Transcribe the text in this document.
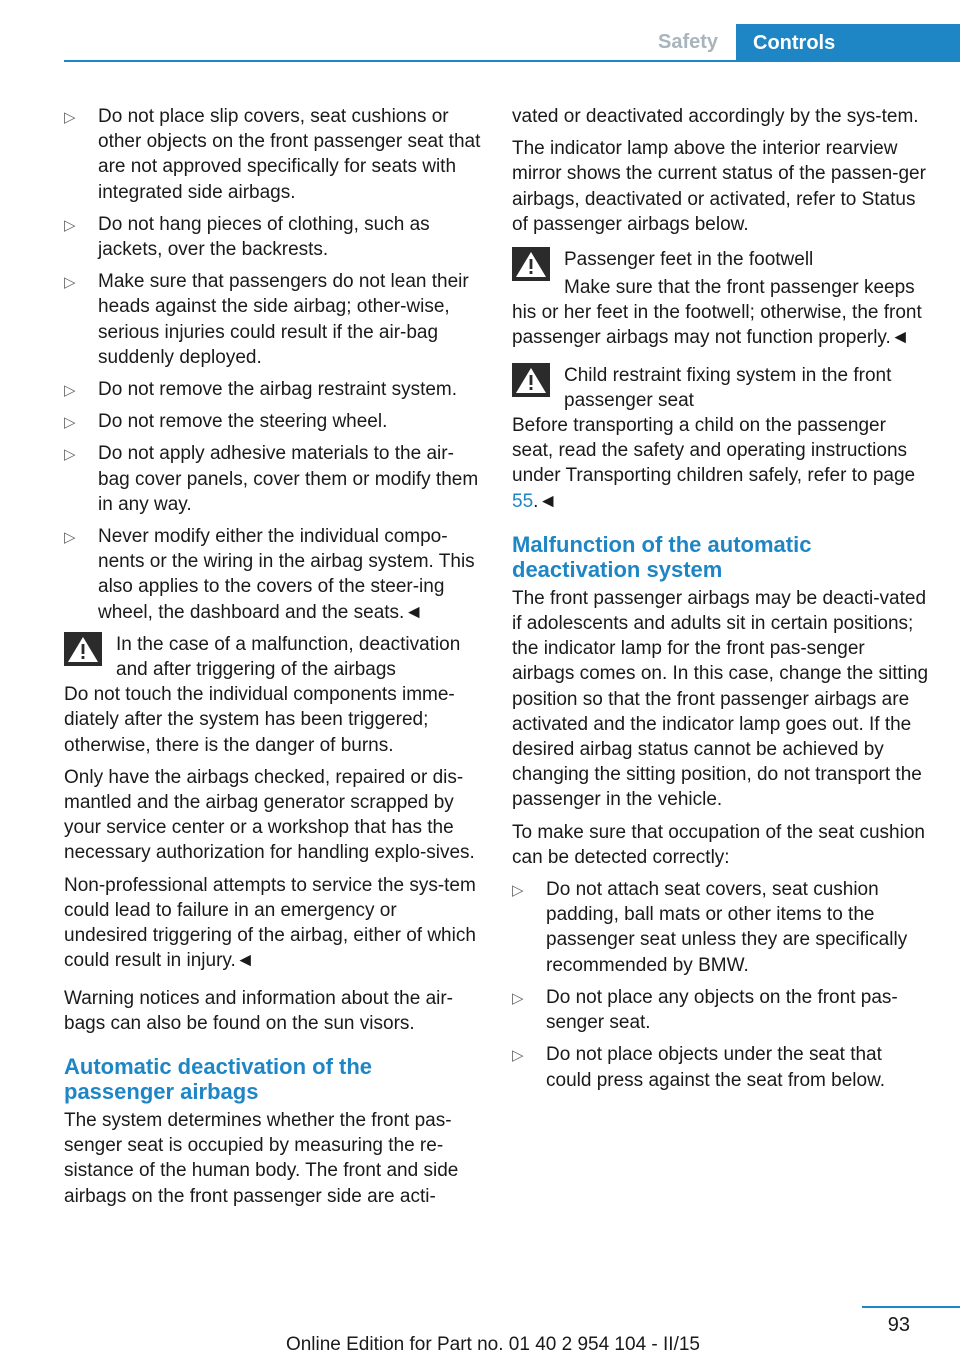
Safety	Controls
▷ Do not place slip covers, seat cushions or other objects on the front passenger seat that are not approved specifically for seats with integrated side airbags.
▷ Do not hang pieces of clothing, such as jackets, over the backrests.
▷ Make sure that passengers do not lean their heads against the side airbag; other-wise, serious injuries could result if the air-bag suddenly deployed.
▷ Do not remove the airbag restraint system.
▷ Do not remove the steering wheel.
▷ Do not apply adhesive materials to the air-bag cover panels, cover them or modify them in any way.
▷ Never modify either the individual compo-nents or the wiring in the airbag system. This also applies to the covers of the steer-ing wheel, the dashboard and the seats.◄
In the case of a malfunction, deactivation and after triggering of the airbags

Do not touch the individual components imme-diately after the system has been triggered; otherwise, there is the danger of burns.

Only have the airbags checked, repaired or dis-mantled and the airbag generator scrapped by your service center or a workshop that has the necessary authorization for handling explo-sives.

Non-professional attempts to service the sys-tem could lead to failure in an emergency or undesired triggering of the airbag, either of which could result in injury.◄

Warning notices and information about the air-bags can also be found on the sun visors.

Automatic deactivation of the passenger airbags

The system determines whether the front pas-senger seat is occupied by measuring the re-sistance of the human body. The front and side airbags on the front passenger side are acti-

vated or deactivated accordingly by the sys-tem.

The indicator lamp above the interior rearview mirror shows the current status of the passen-ger airbags, deactivated or activated, refer to Status of passenger airbags below.

Passenger feet in the footwell

Make sure that the front passenger keeps his or her feet in the footwell; otherwise, the front passenger airbags may not function properly.◄

Child restraint fixing system in the front passenger seat

Before transporting a child on the passenger seat, read the safety and operating instructions under Transporting children safely, refer to page 55.◄

Malfunction of the automatic deactivation system

The front passenger airbags may be deacti-vated if adolescents and adults sit in certain positions; the indicator lamp for the front pas-senger airbags comes on. In this case, change the sitting position so that the front passenger airbags are activated and the indicator lamp goes out. If the desired airbag status cannot be achieved by changing the sitting position, do not transport the passenger in the vehicle.

To make sure that occupation of the seat cushion can be detected correctly:

▷ Do not attach seat covers, seat cushion padding, ball mats or other items to the passenger seat unless they are specifically recommended by BMW.
▷ Do not place any objects on the front pas-senger seat.
▷ Do not place objects under the seat that could press against the seat from below.
93
Online Edition for Part no. 01 40 2 954 104 - II/15
